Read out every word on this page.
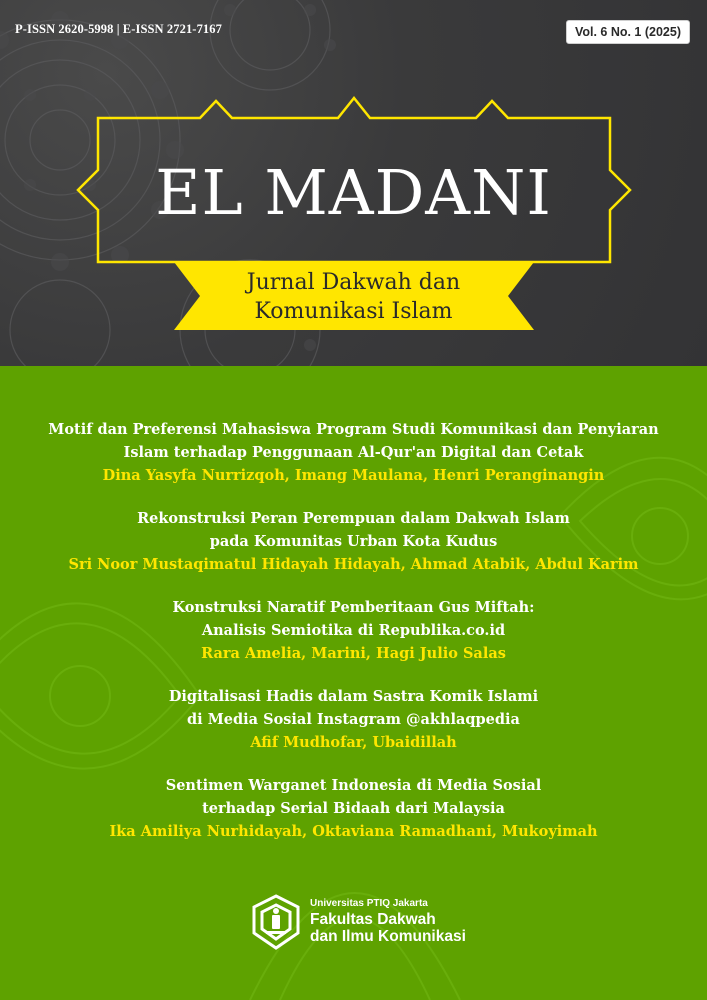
P-ISSN 2620-5998 | E-ISSN 2721-7167	Vol. 6 No. 1 (2025)
EL MADANI
Jurnal Dakwah dan
Komunikasi Islam
Motif dan Preferensi Mahasiswa Program Studi Komunikasi dan Penyiaran
Islam terhadap Penggunaan Al-Qur'an Digital dan Cetak
Dina Yasyfa Nurrizqoh, Imang Maulana, Henri Peranginangin
Rekonstruksi Peran Perempuan dalam Dakwah Islam
pada Komunitas Urban Kota Kudus
Sri Noor Mustaqimatul Hidayah Hidayah, Ahmad Atabik, Abdul Karim
Konstruksi Naratif Pemberitaan Gus Miftah:
Analisis Semiotika di Republika.co.id
Rara Amelia, Marini, Hagi Julio Salas
Digitalisasi Hadis dalam Sastra Komik Islami
di Media Sosial Instagram @akhlaqpedia
Afif Mudhofar, Ubaidillah
Sentimen Warganet Indonesia di Media Sosial
terhadap Serial Bidaah dari Malaysia
Ika Amiliya Nurhidayah, Oktaviana Ramadhani, Mukoyimah
Universitas PTIQ Jakarta
Fakultas Dakwah
dan Ilmu Komunikasi
